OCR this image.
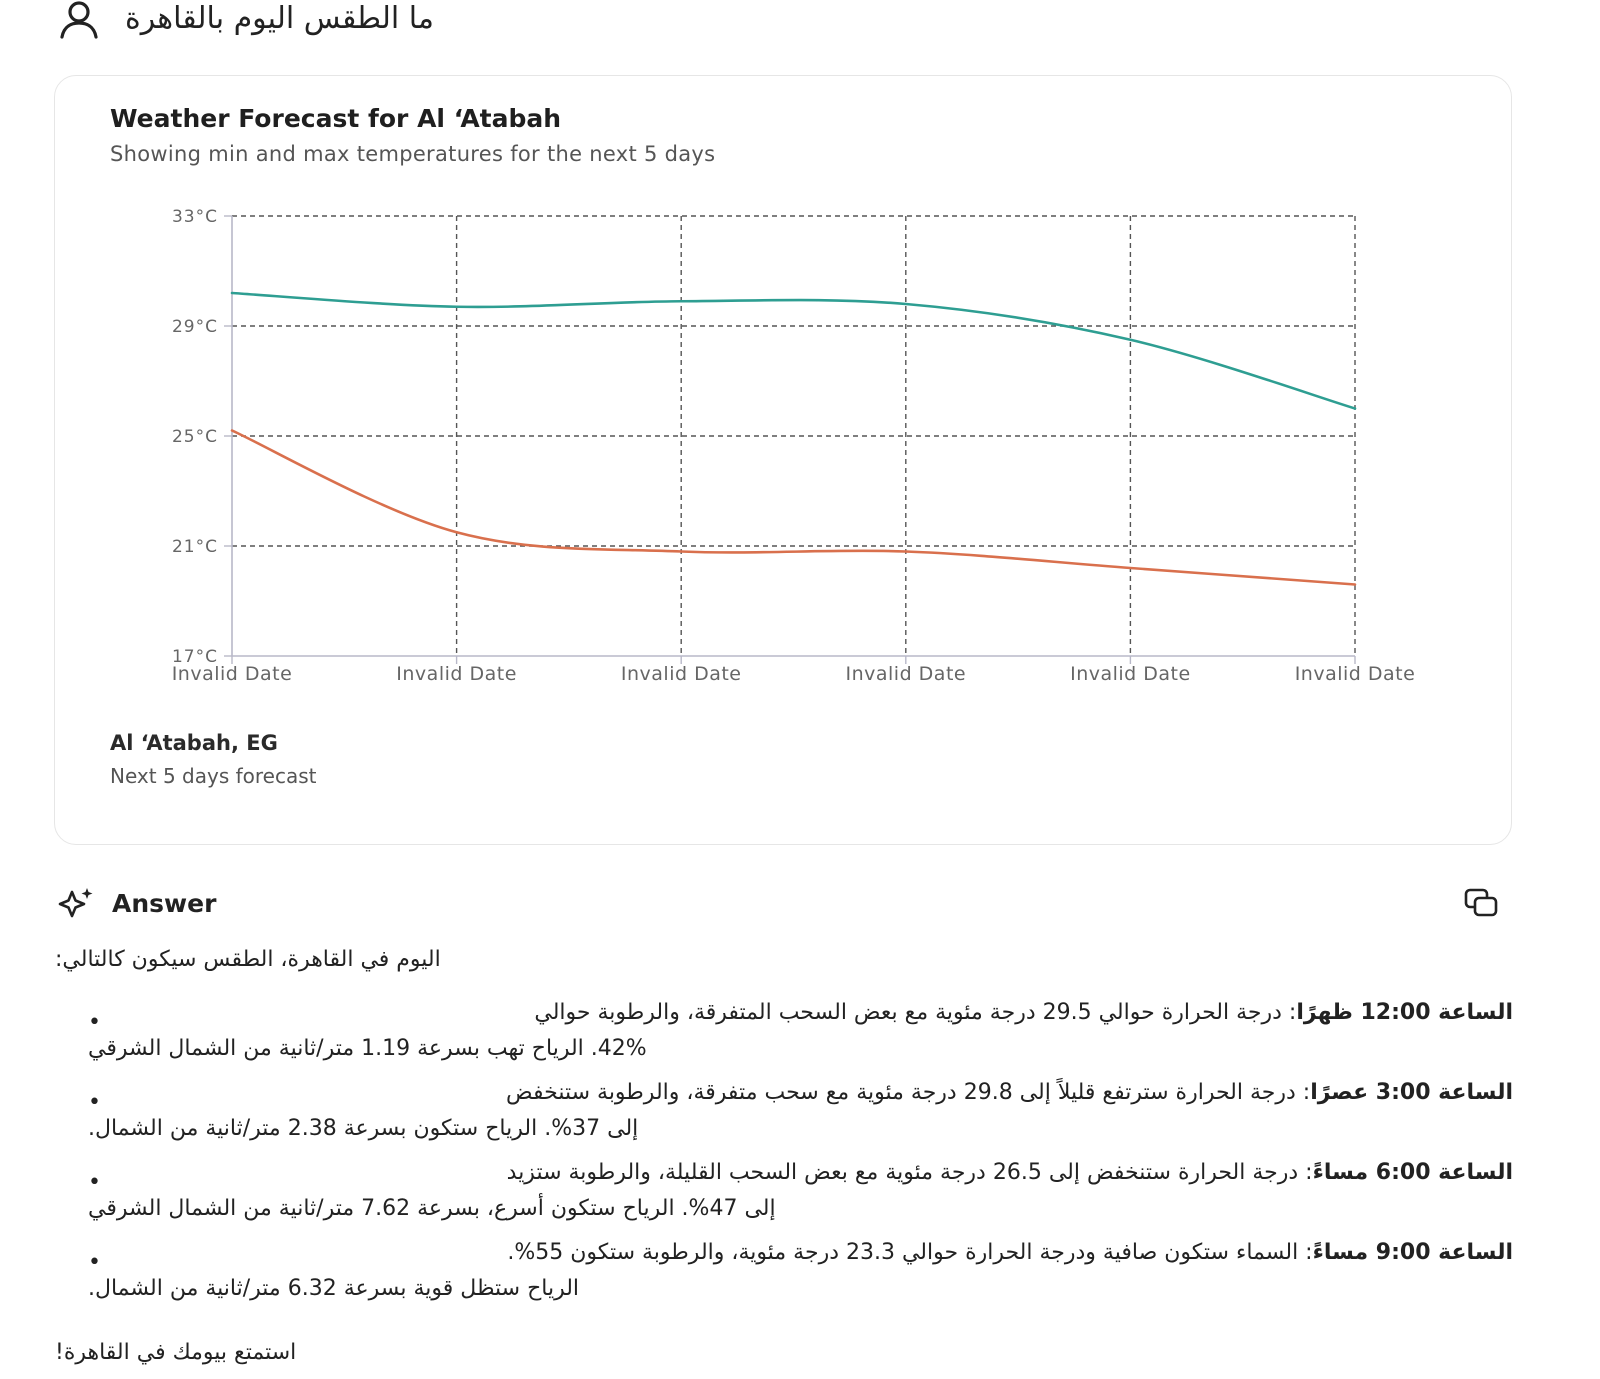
ما الطقس اليوم بالقاهرة
Weather Forecast for Al ‘Atabah
Showing min and max temperatures for the next 5 days
33°C
29°C
25°C
21°C
17°C
Invalid Date	Invalid Date	Invalid Date	Invalid Date	Invalid Date	Invalid Date
Al ‘Atabah, EG
Next 5 days forecast
Answer
اليوم في القاهرة، الطقس سيكون كالتالي:
•	الساعة 12:00 ظهرًا: درجة الحرارة حوالي 29.5 درجة مئوية مع بعض السحب المتفرقة، والرطوبة حوالي
42%. الرياح تهب بسرعة 1.19 متر/ثانية من الشمال الشرقي
•	الساعة 3:00 عصرًا: درجة الحرارة سترتفع قليلاً إلى 29.8 درجة مئوية مع سحب متفرقة، والرطوبة ستنخفض
إلى 37%. الرياح ستكون بسرعة 2.38 متر/ثانية من الشمال.
•	الساعة 6:00 مساءً: درجة الحرارة ستنخفض إلى 26.5 درجة مئوية مع بعض السحب القليلة، والرطوبة ستزيد
إلى 47%. الرياح ستكون أسرع، بسرعة 7.62 متر/ثانية من الشمال الشرقي
•	الساعة 9:00 مساءً: السماء ستكون صافية ودرجة الحرارة حوالي 23.3 درجة مئوية، والرطوبة ستكون 55%.
الرياح ستظل قوية بسرعة 6.32 متر/ثانية من الشمال.
استمتع بيومك في القاهرة!
